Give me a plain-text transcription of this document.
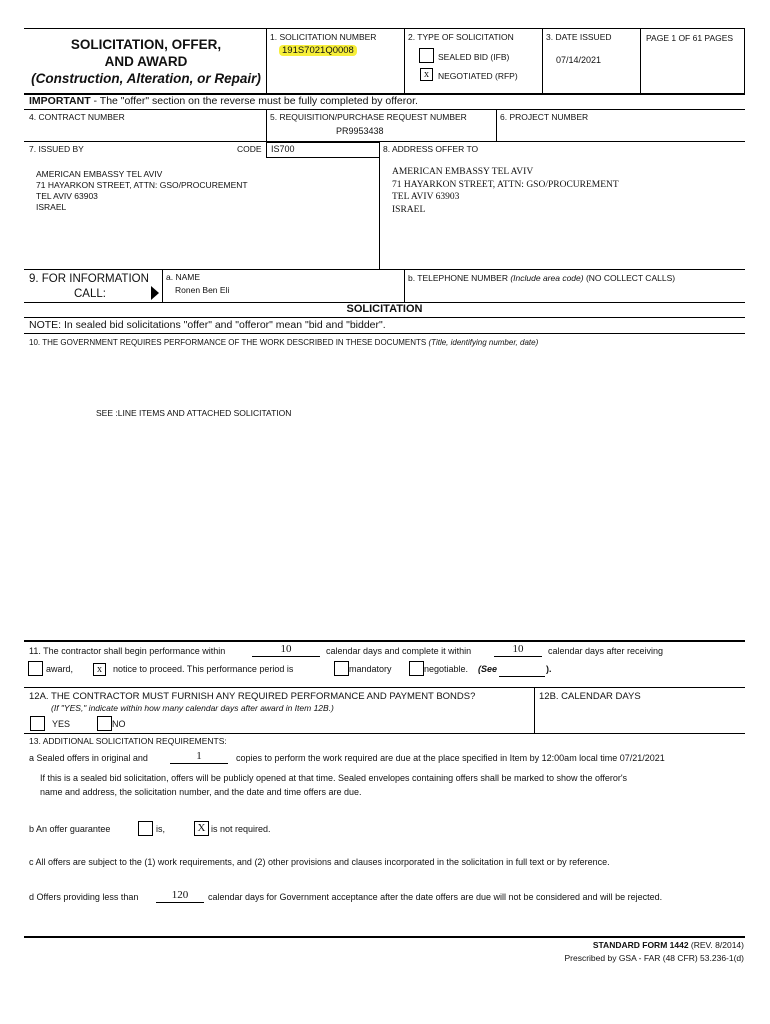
SOLICITATION, OFFER,
AND AWARD
(Construction, Alteration, or Repair)
1. SOLICITATION NUMBER
191S7021Q0008
2. TYPE OF SOLICITATION
SEALED BID (IFB)
x	NEGOTIATED (RFP)
3. DATE ISSUED
07/14/2021
PAGE 1 OF 61 PAGES
IMPORTANT - The "offer" section on the reverse must be fully completed by offeror.
4. CONTRACT NUMBER	5. REQUISITION/PURCHASE REQUEST NUMBER
PR9953438
6. PROJECT NUMBER
7. ISSUED BY	CODE IS700
AMERICAN EMBASSY TEL AVIV
71 HAYARKON STREET, ATTN: GSO/PROCUREMENT
TEL AVIV 63903
ISRAEL
8. ADDRESS OFFER TO
AMERICAN EMBASSY TEL AVIV
71 HAYARKON STREET, ATTN: GSO/PROCUREMENT
TEL AVIV 63903
ISRAEL
9. FOR INFORMATION
CALL:
a. NAME
Ronen Ben Eli
b. TELEPHONE NUMBER (Include area code) (NO COLLECT CALLS)
SOLICITATION
NOTE: In sealed bid solicitations "offer" and "offeror" mean "bid and "bidder".
10. THE GOVERNMENT REQUIRES PERFORMANCE OF THE WORK DESCRIBED IN THESE DOCUMENTS (Title, identifying number, date)
SEE :LINE ITEMS AND ATTACHED SOLICITATION
11. The contractor shall begin performance within	10	calendar days and complete it within	10	calendar days after receiving
award,	x	notice to proceed. This performance period is	mandatory	negotiable. (See	).
12A. THE CONTRACTOR MUST FURNISH ANY REQUIRED PERFORMANCE AND PAYMENT BONDS?
(If "YES," indicate within how many calendar days after award in Item 12B.)
YES	NO
12B. CALENDAR DAYS
13. ADDITIONAL SOLICITATION REQUIREMENTS:
a Sealed offers in original and	1	copies to perform the work required are due at the place specified in Item by 12:00am local time 07/21/2021
If this is a sealed bid solicitation, offers will be publicly opened at that time. Sealed envelopes containing offers shall be marked to show the offeror's
name and address, the solicitation number, and the date and time offers are due.
b An offer guarantee	is,	X is not required.
c All offers are subject to the (1) work requirements, and (2) other provisions and clauses incorporated in the solicitation in full text or by reference.
d Offers providing less than	120	calendar days for Government acceptance after the date offers are due will not be considered and will be rejected.
STANDARD FORM 1442 (REV. 8/2014)
Prescribed by GSA - FAR (48 CFR) 53.236-1(d)
